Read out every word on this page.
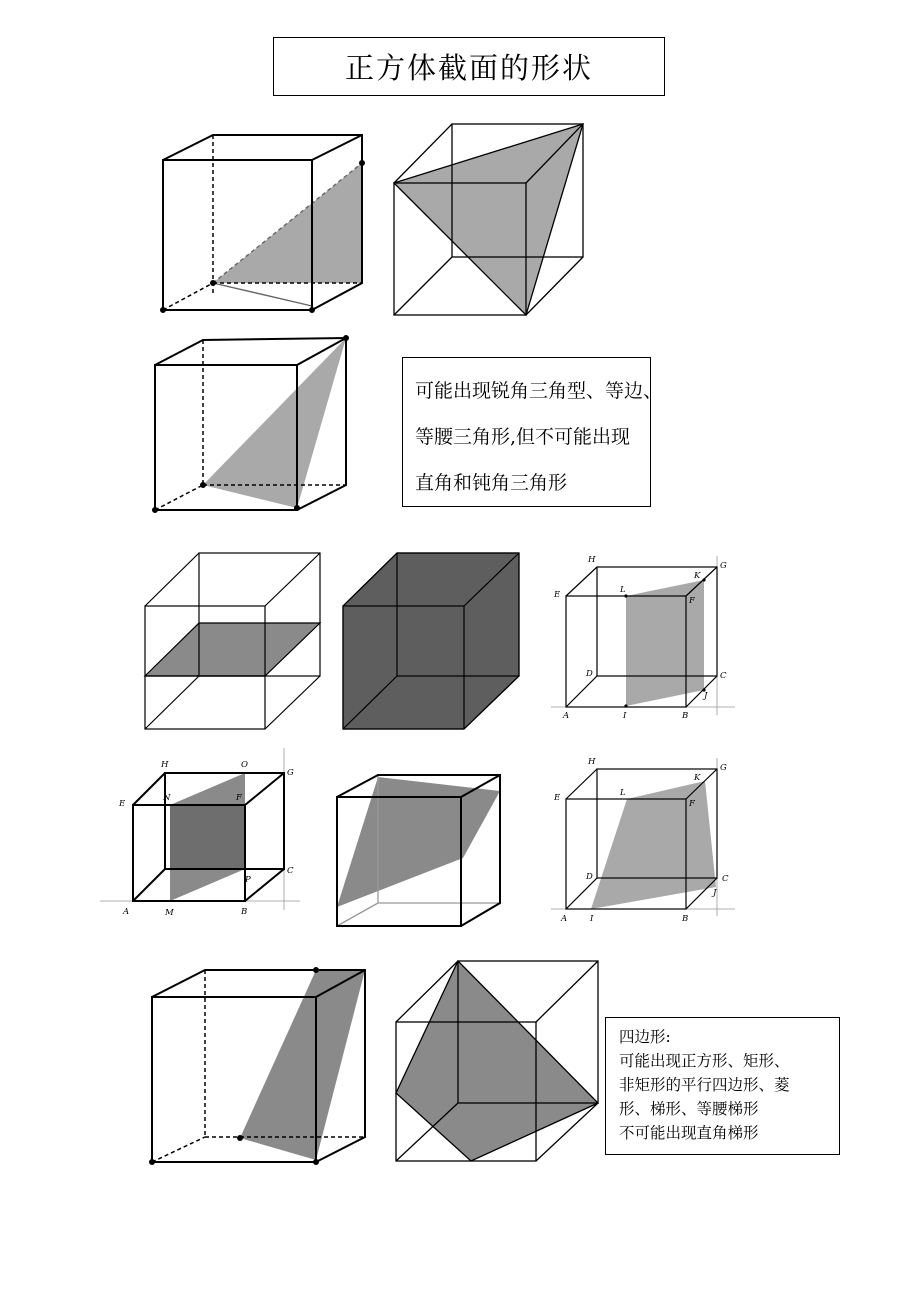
正方体截面的形状
可能出现锐角三角型、等边、
等腰三角形,但不可能出现
直角和钝角三角形
四边形:
可能出现正方形、矩形、
非矩形的平行四边形、菱
形、梯形、等腰梯形
不可能出现直角梯形
H
G
K
E	L
F
D	C
J
A	I	B
H	O
G
E
N	F
P
C
A	M	B
H
G
K
E	L
F
D	C
J
A	I	B
